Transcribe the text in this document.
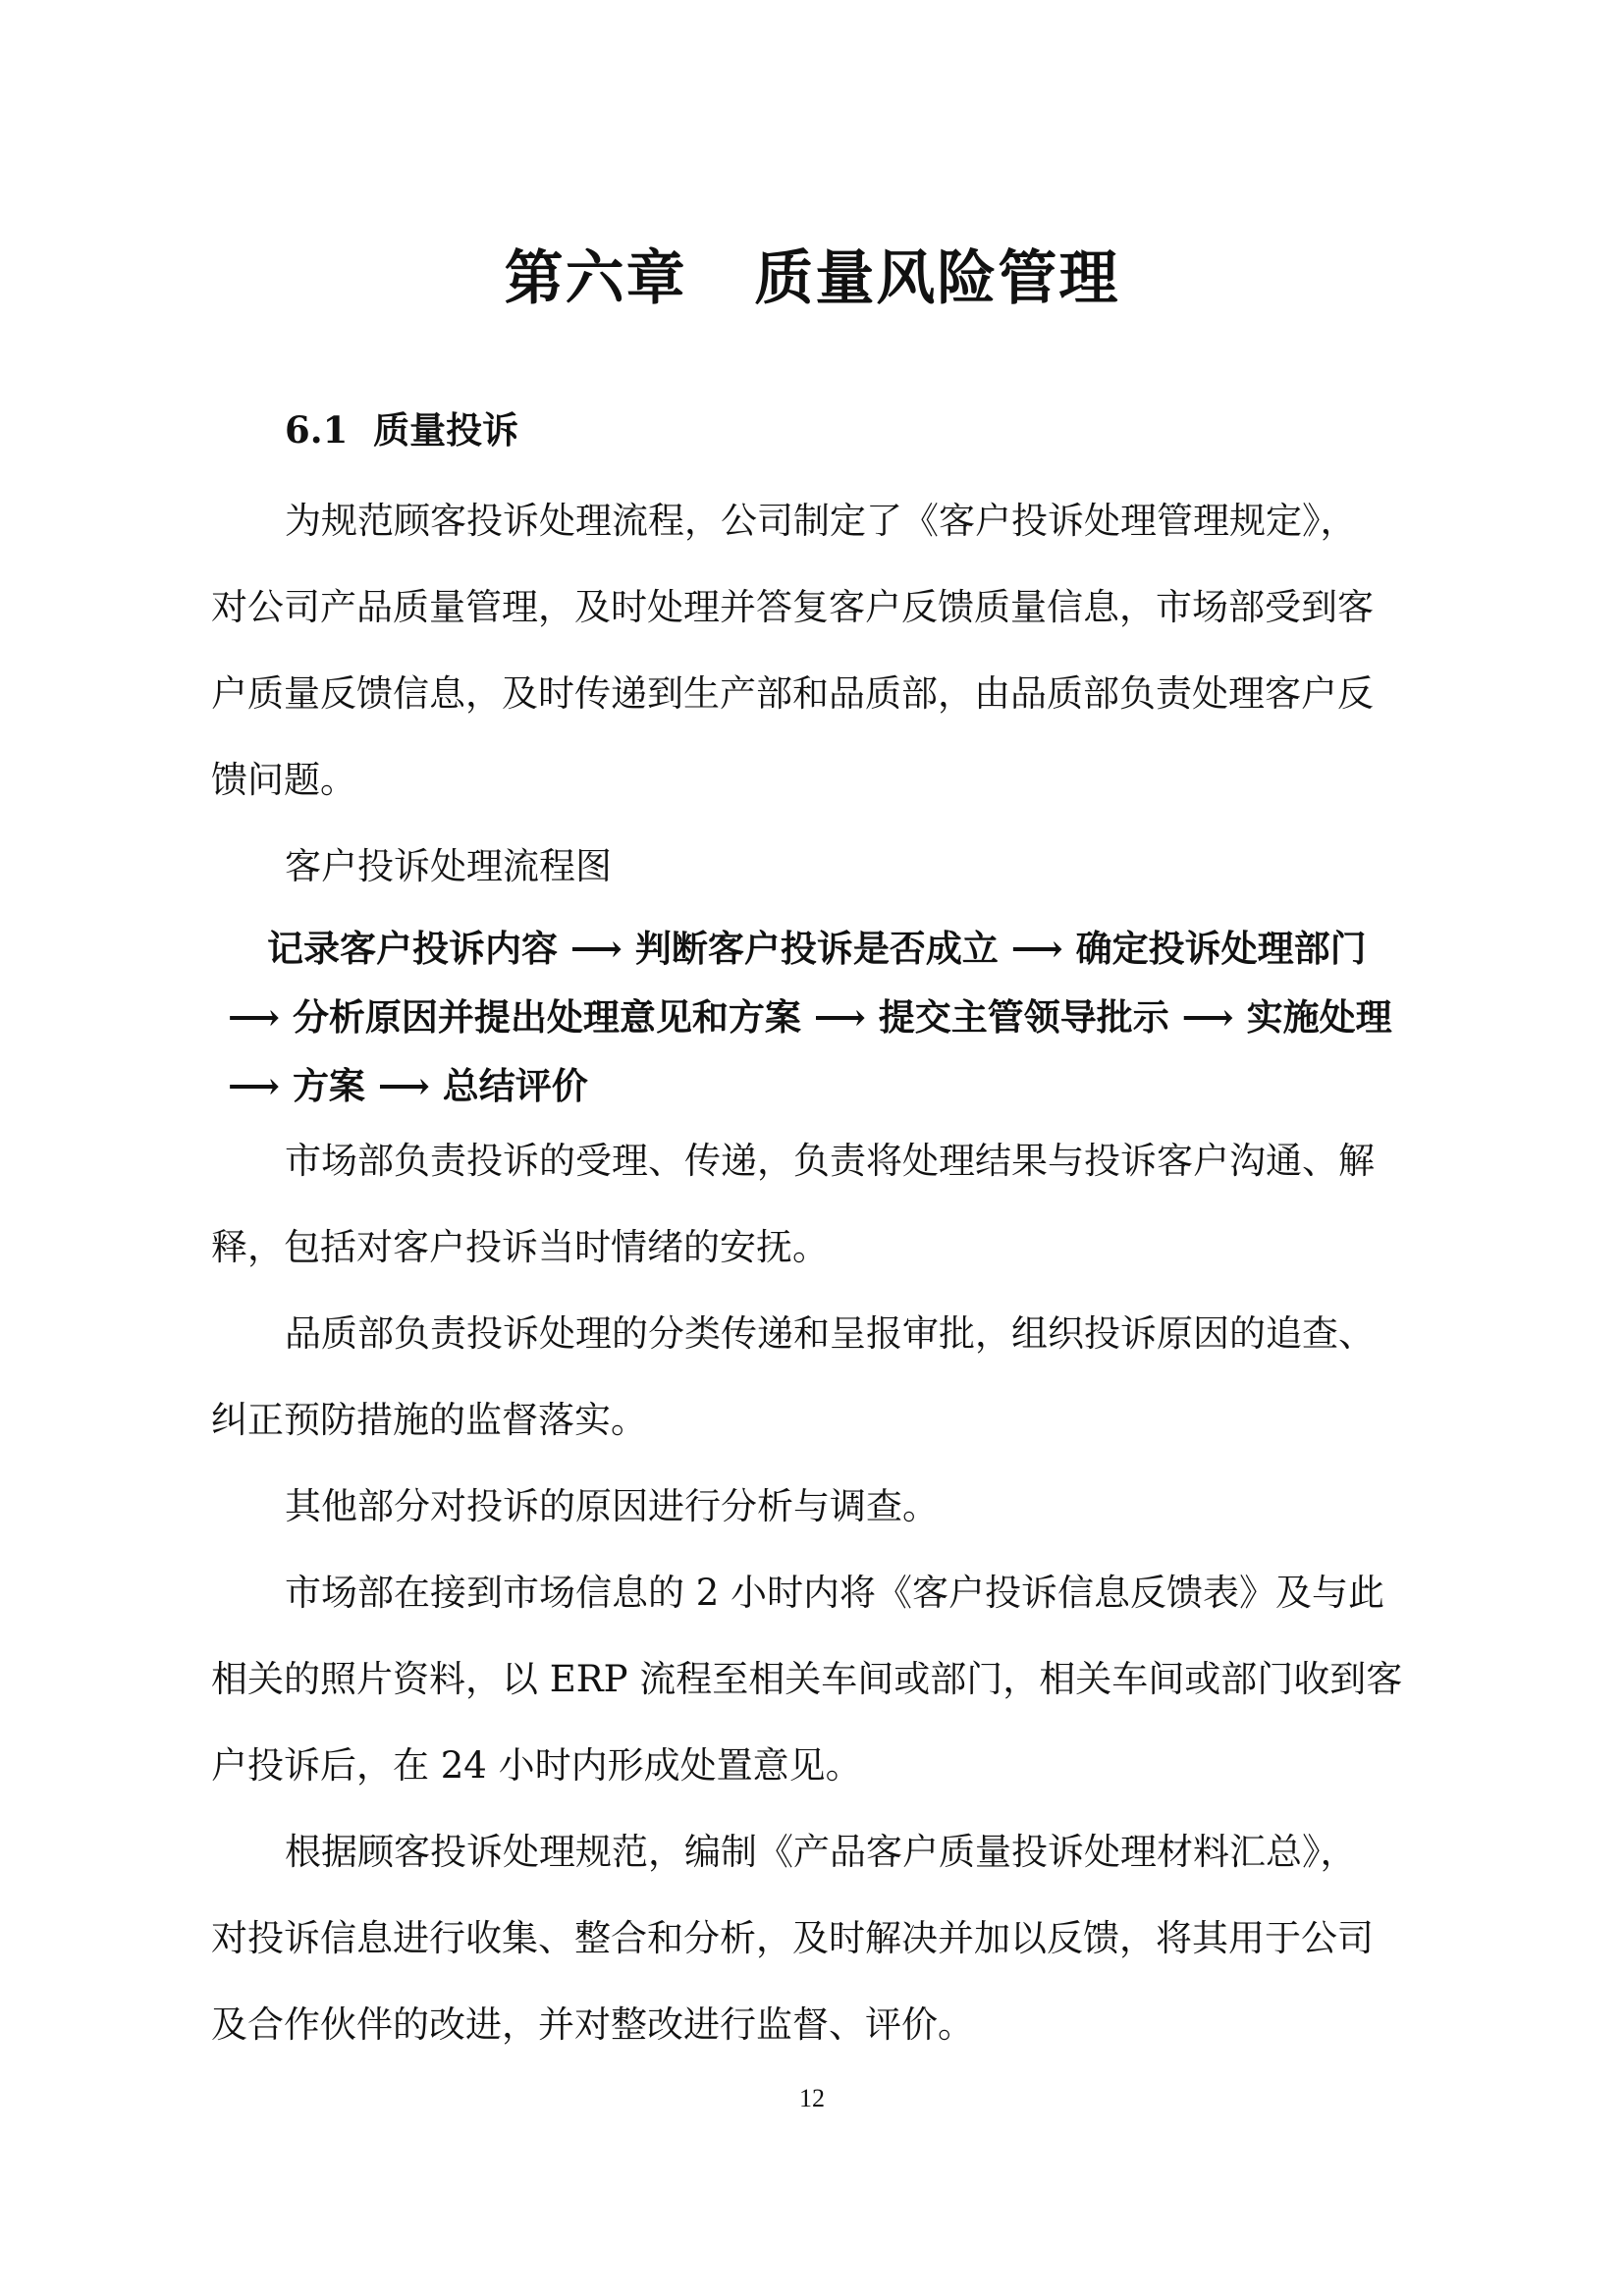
第六章   质量风险管理
6.1  质量投诉
为规范顾客投诉处理流程，公司制定了《客户投诉处理管理规定》，
对公司产品质量管理，及时处理并答复客户反馈质量信息，市场部受到客
户质量反馈信息，及时传递到生产部和品质部，由品质部负责处理客户反
馈问题。
客户投诉处理流程图
记录客户投诉内容 ⟶ 判断客户投诉是否成立 ⟶ 确定投诉处理部门
⟶ 分析原因并提出处理意见和方案 ⟶ 提交主管领导批示 ⟶ 实施处理
⟶ 方案 ⟶ 总结评价
市场部负责投诉的受理、传递，负责将处理结果与投诉客户沟通、解
释，包括对客户投诉当时情绪的安抚。
品质部负责投诉处理的分类传递和呈报审批，组织投诉原因的追查、
纠正预防措施的监督落实。
其他部分对投诉的原因进行分析与调查。
市场部在接到市场信息的 2 小时内将《客户投诉信息反馈表》及与此
相关的照片资料，以 ERP 流程至相关车间或部门，相关车间或部门收到客
户投诉后，在 24 小时内形成处置意见。
根据顾客投诉处理规范，编制《产品客户质量投诉处理材料汇总》，
对投诉信息进行收集、整合和分析，及时解决并加以反馈，将其用于公司
及合作伙伴的改进，并对整改进行监督、评价。
12
